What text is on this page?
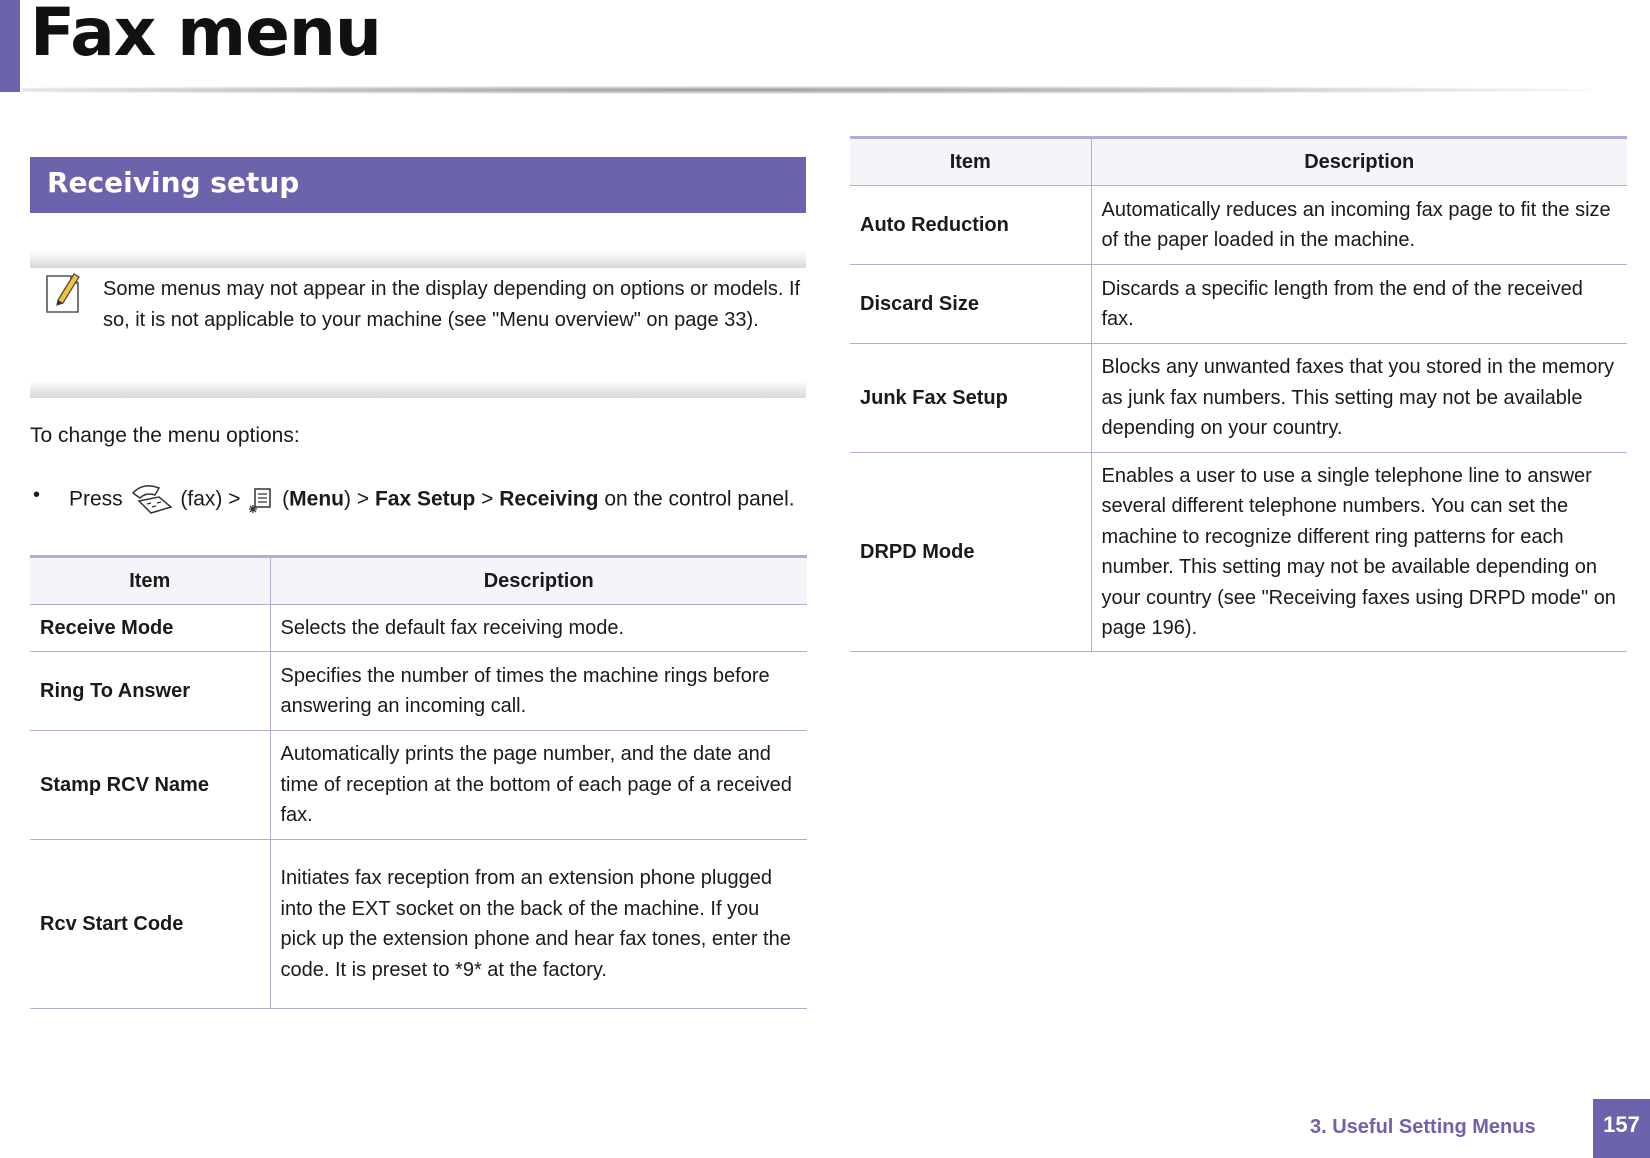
Fax menu
Receiving setup
Some menus may not appear in the display depending on options or models. If so, it is not applicable to your machine (see "Menu overview" on page 33).
To change the menu options:
• Press	(fax) > (Menu) > Fax Setup > Receiving on the control panel.
Item	Description
Receive Mode	Selects the default fax receiving mode.
Ring To Answer	Specifies the number of times the machine rings before answering an incoming call.
Stamp RCV Name	Automatically prints the page number, and the date and time of reception at the bottom of each page of a received fax.
Rcv Start Code	Initiates fax reception from an extension phone plugged into the EXT socket on the back of the machine. If you pick up the extension phone and hear fax tones, enter the code. It is preset to *9* at the factory.
Item	Description
Auto Reduction	Automatically reduces an incoming fax page to fit the size of the paper loaded in the machine.
Discard Size	Discards a specific length from the end of the received fax.
Junk Fax Setup	Blocks any unwanted faxes that you stored in the memory as junk fax numbers. This setting may not be available depending on your country.
DRPD Mode	Enables a user to use a single telephone line to answer several different telephone numbers. You can set the machine to recognize different ring patterns for each number. This setting may not be available depending on your country (see "Receiving faxes using DRPD mode" on page 196).
3. Useful Setting Menus	157
